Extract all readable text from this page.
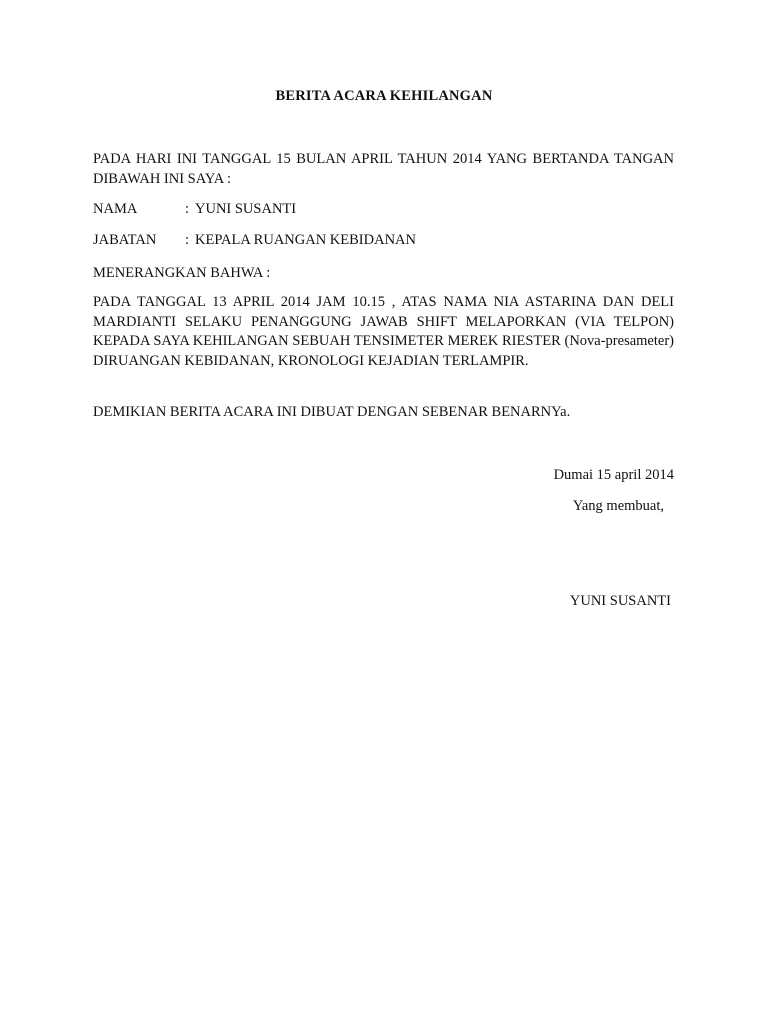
BERITA ACARA KEHILANGAN

PADA HARI INI TANGGAL 15 BULAN APRIL TAHUN 2014 YANG BERTANDA TANGAN DIBAWAH INI SAYA :

NAMA	: YUNI SUSANTI
JABATAN : KEPALA RUANGAN KEBIDANAN
MENERANGKAN BAHWA :

PADA TANGGAL 13 APRIL 2014 JAM 10.15 , ATAS NAMA NIA ASTARINA DAN DELI MARDIANTI SELAKU PENANGGUNG JAWAB SHIFT MELAPORKAN (VIA TELPON) KEPADA SAYA KEHILANGAN SEBUAH TENSIMETER MEREK RIESTER (Nova-presameter) DIRUANGAN KEBIDANAN, KRONOLOGI KEJADIAN TERLAMPIR.

DEMIKIAN BERITA ACARA INI DIBUAT DENGAN SEBENAR BENARNYa.
Dumai 15 april 2014
Yang membuat,
YUNI SUSANTI
